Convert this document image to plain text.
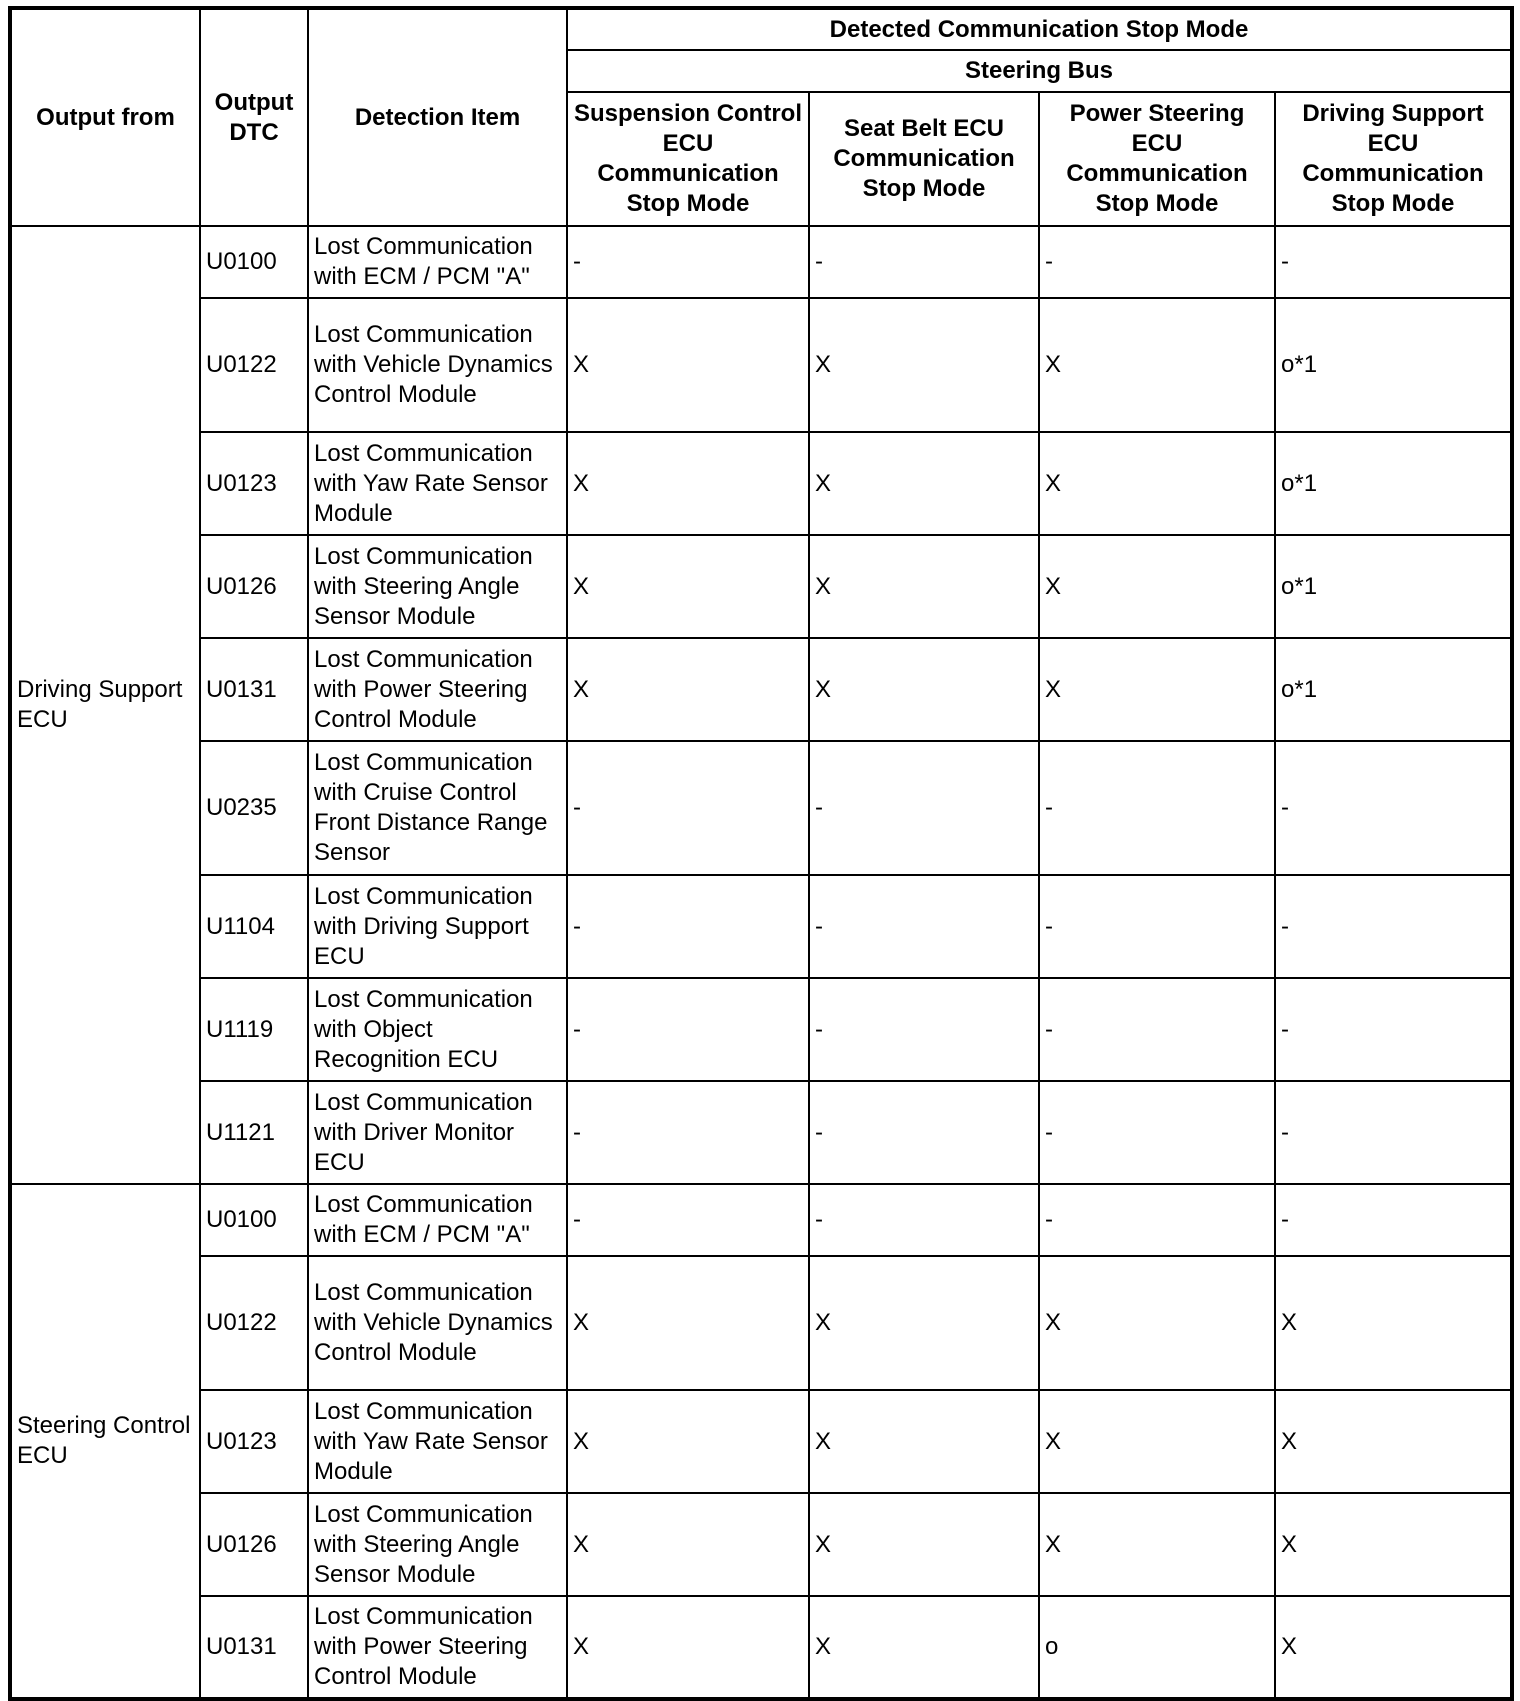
Output from	Output DTC	Detection Item	Detected Communication Stop Mode			
			Steering Bus			
			Suspension Control ECU Communication Stop Mode	Seat Belt ECU Communication Stop Mode	Power Steering ECU Communication Stop Mode	Driving Support ECU Communication Stop Mode
Driving Support ECU	U0100	Lost Communication with ECM / PCM "A"	-	-	-	-
	U0122	Lost Communication with Vehicle Dynamics Control Module	X	X	X	o*1
	U0123	Lost Communication with Yaw Rate Sensor Module	X	X	X	o*1
	U0126	Lost Communication with Steering Angle Sensor Module	X	X	X	o*1
	U0131	Lost Communication with Power Steering Control Module	X	X	X	o*1
	U0235	Lost Communication with Cruise Control Front Distance Range Sensor	-	-	-	-
	U1104	Lost Communication with Driving Support ECU	-	-	-	-
	U1119	Lost Communication with Object Recognition ECU	-	-	-	-
	U1121	Lost Communication with Driver Monitor ECU	-	-	-	-
Steering Control ECU	U0100	Lost Communication with ECM / PCM "A"	-	-	-	-
	U0122	Lost Communication with Vehicle Dynamics Control Module	X	X	X	X
	U0123	Lost Communication with Yaw Rate Sensor Module	X	X	X	X
	U0126	Lost Communication with Steering Angle Sensor Module	X	X	X	X
	U0131	Lost Communication with Power Steering Control Module	X	X	o	X
